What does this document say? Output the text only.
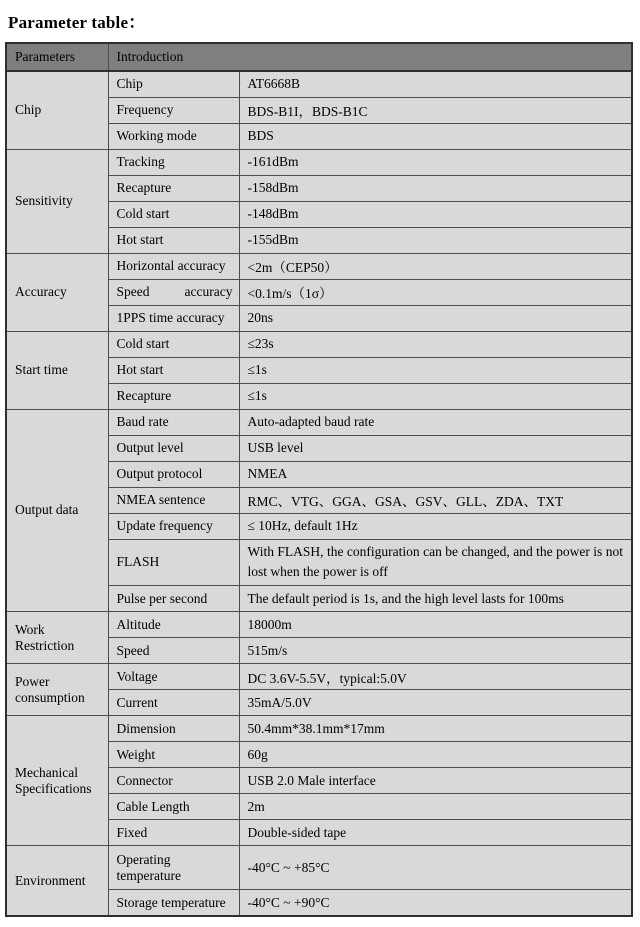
Parameter table：
Parameters	Introduction	
Chip	Chip	AT6668B
	Frequency	BDS-B1I，BDS-B1C
	Working mode	BDS
Sensitivity	Tracking	-161dBm
	Recapture	-158dBm
	Cold start	-148dBm
	Hot start	-155dBm
Accuracy	Horizontal accuracy	<2m（CEP50）

	Speed accuracy	<0.1m/s（1σ）
	1PPS time accuracy	20ns
Start time	Cold start	≤23s
	Hot start	≤1s
	Recapture	≤1s
Output data	Baud rate	Auto-adapted baud rate
	Output level	USB level
	Output protocol	NMEA
	NMEA sentence	RMC、VTG、GGA、GSA、GSV、GLL、ZDA、TXT
	Update frequency	≤ 10Hz, default 1Hz
	FLASH	With FLASH, the configuration can be changed, and the power is not lost when the power is off
	Pulse per second	The default period is 1s, and the high level lasts for 100ms
Work Restriction	Altitude	18000m
	Speed	515m/s
Power consumption	Voltage	DC 3.6V-5.5V，typical:5.0V
	Current	35mA/5.0V
Mechanical Specifications	Dimension	50.4mm*38.1mm*17mm
	Weight	60g
	Connector	USB 2.0 Male interface
	Cable Length	2m
	Fixed	Double-sided tape
Environment	Operating temperature	-40°C ~ +85°C
	Storage temperature	-40°C ~ +90°C
